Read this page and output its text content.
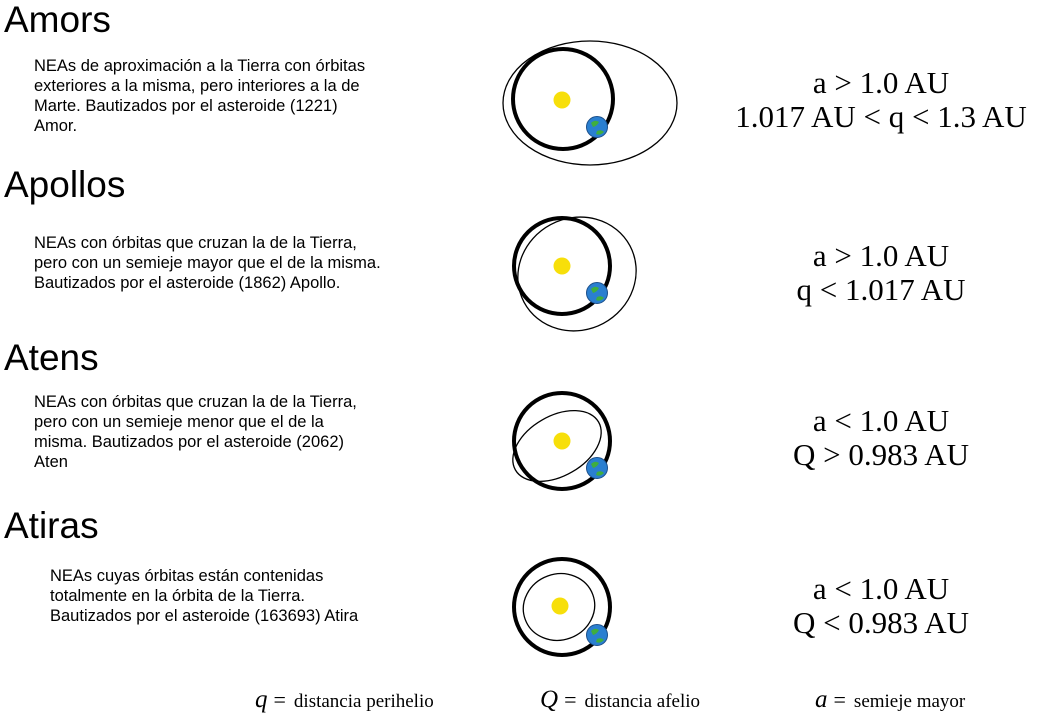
Amors

NEAs de aproximación a la Tierra con órbitas
exteriores a la misma, pero interiores a la de
Marte. Bautizados por el asteroide (1221)
Amor.

a > 1.0 AU
1.017 AU < q < 1.3 AU
Apollos

NEAs con órbitas que cruzan la de la Tierra,
pero con un semieje mayor que el de la misma.
Bautizados por el asteroide (1862) Apollo.

a > 1.0 AU
q < 1.017 AU
Atens

NEAs con órbitas que cruzan la de la Tierra,
pero con un semieje menor que el de la
misma. Bautizados por el asteroide (2062)
Aten

a < 1.0 AU
Q > 0.983 AU
Atiras

NEAs cuyas órbitas están contenidas
totalmente en la órbita de la Tierra.
Bautizados por el asteroide (163693) Atira

a < 1.0 AU
Q < 0.983 AU
q = distancia perihelio	Q = distancia afelio	a = semieje mayor
